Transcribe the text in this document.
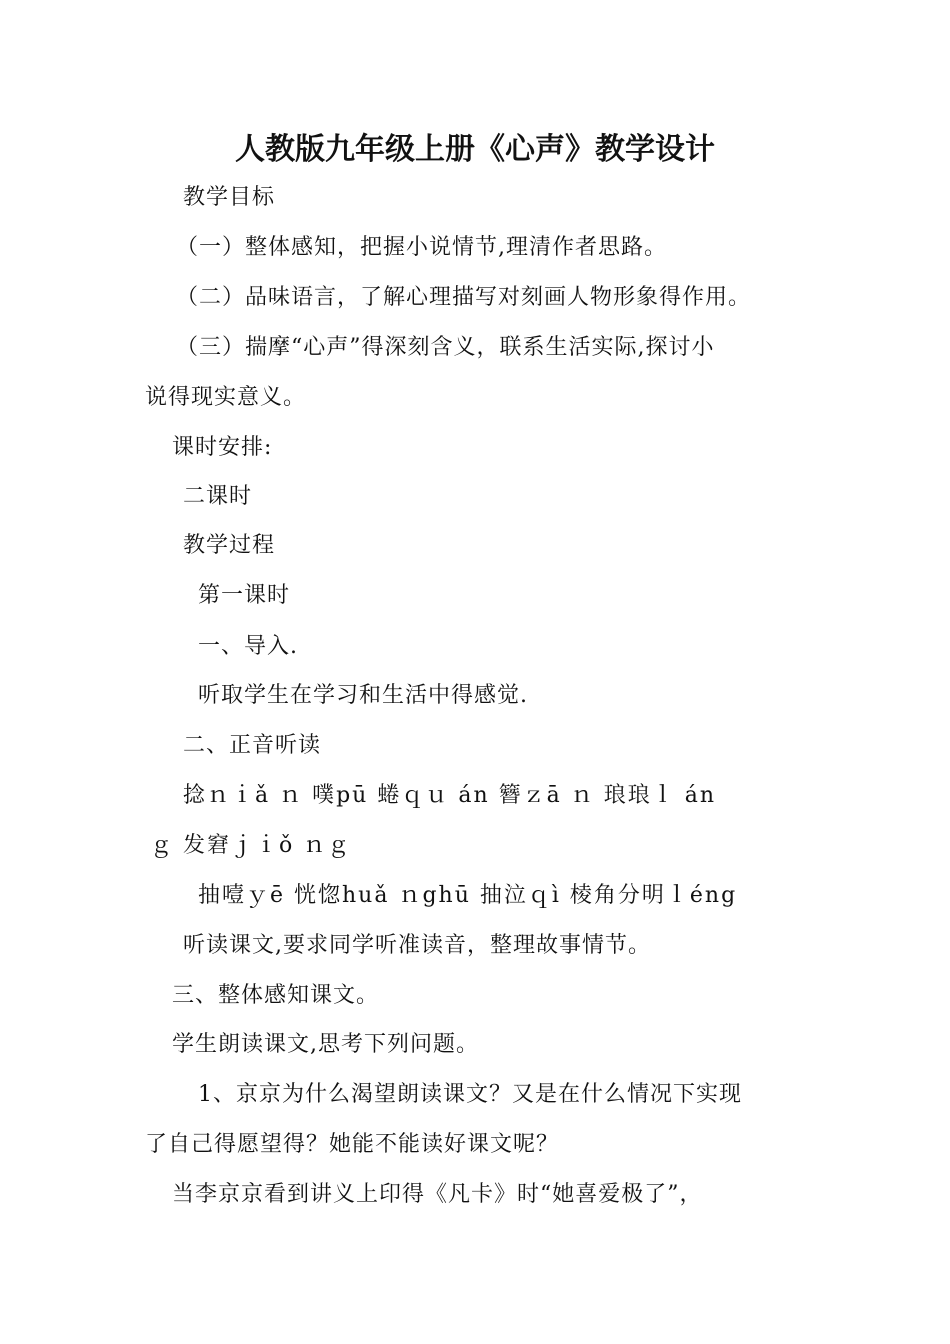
人教版九年级上册《心声》教学设计
教学目标
（一）整体感知，把握小说情节,理清作者思路。
（二）品味语言，了解心理描写对刻画人物形象得作用。
（三）揣摩“心声”得深刻含义，联系生活实际,探讨小
说得现实意义。
课时安排:
二课时
教学过程
第一课时
一、导入.
听取学生在学习和生活中得感觉.
二、正音听读
捻ｎｉǎ ｎ 噗pū 蜷ｑｕ án 簪ｚā ｎ 琅琅ｌ án
ｇ 发窘ｊｉǒ ｎｇ
抽噎ｙē 恍惚huǎ ｎghū 抽泣ｑì 棱角分明ｌéng
听读课文,要求同学听准读音，整理故事情节。
三、整体感知课文。
学生朗读课文,思考下列问题。
1、京京为什么渴望朗读课文？又是在什么情况下实现
了自己得愿望得？她能不能读好课文呢？
当李京京看到讲义上印得《凡卡》时“她喜爱极了”，
